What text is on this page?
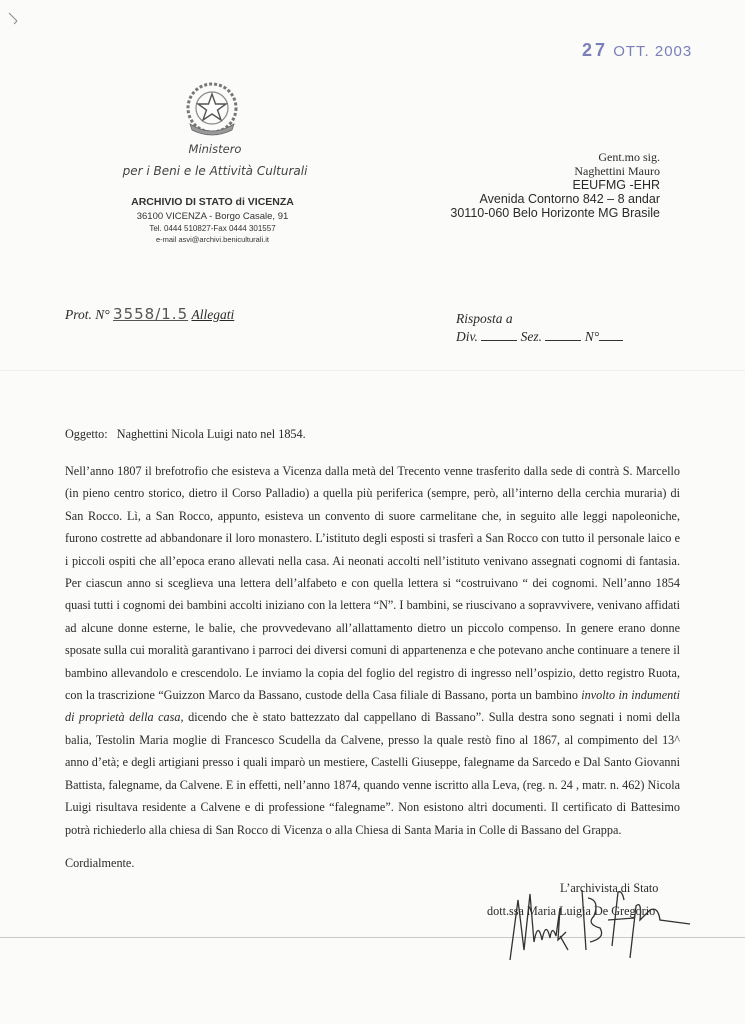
27 OTT. 2003
Ministero
per i Beni e le Attività Culturali
ARCHIVIO DI STATO di VICENZA
36100 VICENZA - Borgo Casale, 91
Tel. 0444 510827-Fax 0444 301557
e-mail asvi@archivi.beniculturali.it
Gent.mo sig.
Naghettini Mauro
EEUFMG -EHR
Avenida Contorno 842 – 8 andar
30110-060 Belo Horizonte MG Brasile
Prot. N° 3558/1.5 Allegati	Risposta a
Div.	Sez.	N°
Oggetto: Naghettini Nicola Luigi nato nel 1854.
Nell’anno 1807 il brefotrofio che esisteva a Vicenza dalla metà del Trecento venne trasferito dalla sede di contrà S. Marcello (in pieno centro storico, dietro il Corso Palladio) a quella più periferica (sempre, però, all’interno della cerchia muraria) di San Rocco. Lì, a San Rocco, appunto, esisteva un convento di suore carmelitane che, in seguito alle leggi napoleoniche, furono costrette ad abbandonare il loro monastero. L’istituto degli esposti si trasferì a San Rocco con tutto il personale laico e i piccoli ospiti che all’epoca erano allevati nella casa. Ai neonati accolti nell’istituto venivano assegnati cognomi di fantasia. Per ciascun anno si sceglieva una lettera dell’alfabeto e con quella lettera si “costruivano “ dei cognomi. Nell’anno 1854 quasi tutti i cognomi dei bambini accolti iniziano con la lettera “N”. I bambini, se riuscivano a sopravvivere, venivano affidati ad alcune donne esterne, le balie, che provvedevano all’allattamento dietro un piccolo compenso. In genere erano donne sposate sulla cui moralità garantivano i parroci dei diversi comuni di appartenenza e che potevano anche continuare a tenere il bambino allevandolo e crescendolo. Le inviamo la copia del foglio del registro di ingresso nell’ospizio, detto registro Ruota, con la trascrizione “Guizzon Marco da Bassano, custode della Casa filiale di Bassano, porta un bambino involto in indumenti di proprietà della casa, dicendo che è stato battezzato dal cappellano di Bassano”. Sulla destra sono segnati i nomi della balia, Testolin Maria moglie di Francesco Scudella da Calvene, presso la quale restò fino al 1867, al compimento del 13^ anno d’età; e degli artigiani presso i quali imparò un mestiere, Castelli Giuseppe, falegname da Sarcedo e Dal Santo Giovanni Battista, falegname, da Calvene. E in effetti, nell’anno 1874, quando venne iscritto alla Leva, (reg. n. 24 , matr. n. 462) Nicola Luigi risultava residente a Calvene e di professione “falegname”. Non esistono altri documenti. Il certificato di Battesimo potrà richiederlo alla chiesa di San Rocco di Vicenza o alla Chiesa di Santa Maria in Colle di Bassano del Grappa.
Cordialmente.
L’archivista di Stato
dott.ssa Maria Luigia De Gregorio
